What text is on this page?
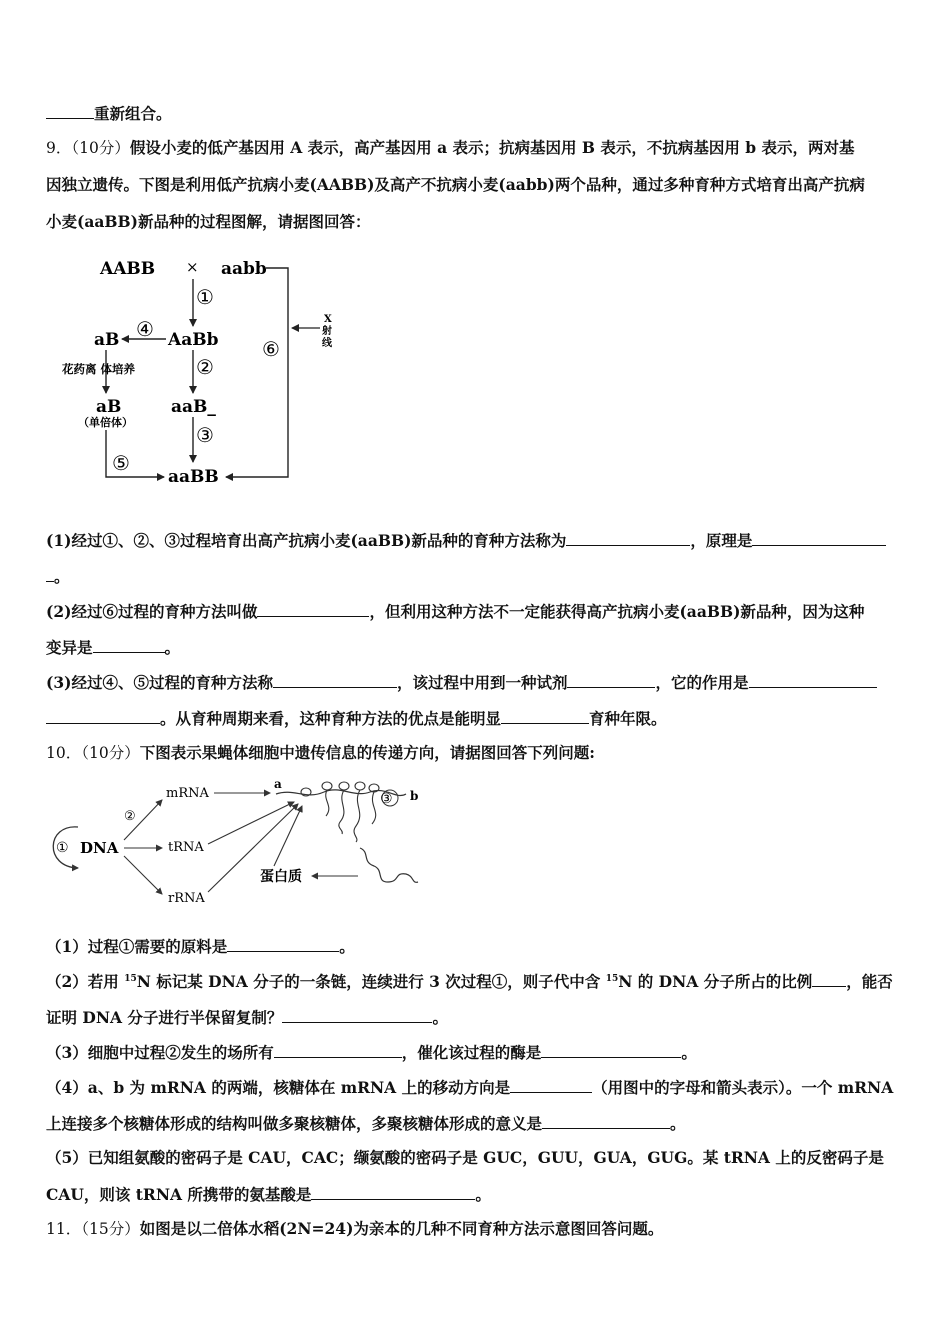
重新组合。
9．（10分）假设小麦的低产基因用 A 表示，高产基因用 a 表示；抗病基因用 B 表示，不抗病基因用 b 表示，两对基
因独立遗传。下图是利用低产抗病小麦(AABB)及高产不抗病小麦(aabb)两个品种，通过多种育种方式培育出高产抗病
小麦(aaBB)新品种的过程图解，请据图回答：
AABB × aabb
①
AaBb
④
aB
花药离 体培养
aB
（单倍体）
②
aaB_
③
⑤
aaBB
⑥
X
射
线
(1)经过①、②、③过程培育出高产抗病小麦(aaBB)新品种的育种方法称为	，原理是
。
(2)经过⑥过程的育种方法叫做	，但利用这种方法不一定能获得高产抗病小麦(aaBB)新品种，因为这种
变异是	。
(3)经过④、⑤过程的育种方法称	，该过程中用到一种试剂	，它的作用是
。从育种周期来看，这种育种方法的优点是能明显	育种年限。
10．（10分）下图表示果蝇体细胞中遗传信息的传递方向，请据图回答下列问题:
① DNA
②
mRNA
tRNA
rRNA
a
b
③
蛋白质
（1）过程①需要的原料是	。
（2）若用 $^{15}$N 标记某 DNA 分子的一条链，连续进行 3 次过程①，则子代中含 $^{15}$N 的 DNA 分子所占的比例 ，能否
证明 DNA 分子进行半保留复制？	。
（3）细胞中过程②发生的场所有	，催化该过程的酶是	。
（4）a、b 为 mRNA 的两端，核糖体在 mRNA 上的移动方向是	（用图中的字母和箭头表示）。一个 mRNA
上连接多个核糖体形成的结构叫做多聚核糖体，多聚核糖体形成的意义是	。
（5）已知组氨酸的密码子是 CAU，CAC；缬氨酸的密码子是 GUC，GUU，GUA，GUG。某 tRNA 上的反密码子是
CAU，则该 tRNA 所携带的氨基酸是	。
11．（15分）如图是以二倍体水稻(2N=24)为亲本的几种不同育种方法示意图回答问题。
